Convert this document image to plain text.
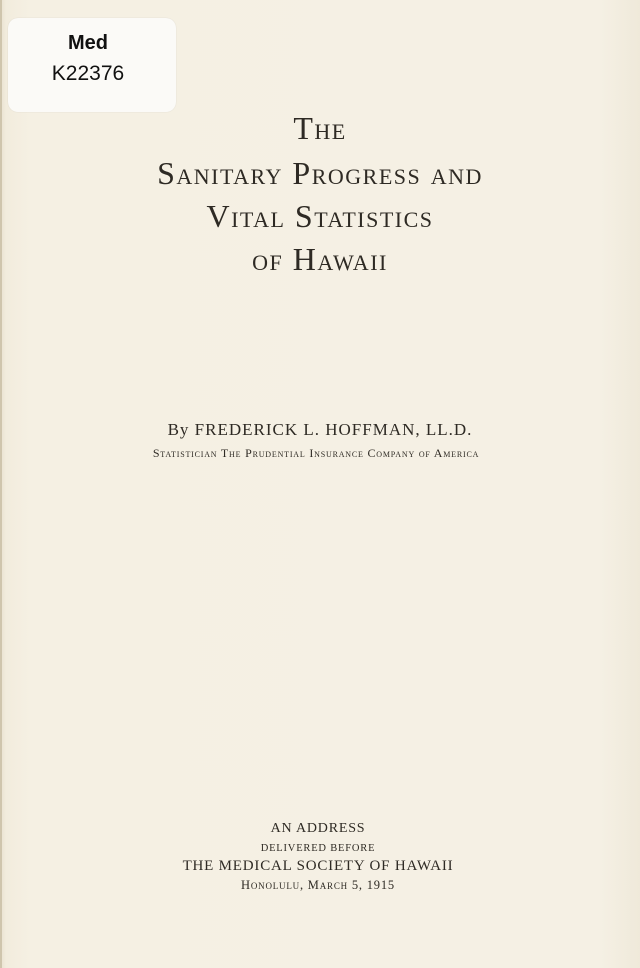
Med
K22376
The
Sanitary Progress and
Vital Statistics
of Hawaii
By FREDERICK L. HOFFMAN, LL.D.
Statistician The Prudential Insurance Company of America
AN ADDRESS
DELIVERED BEFORE
THE MEDICAL SOCIETY OF HAWAII
Honolulu, March 5, 1915
